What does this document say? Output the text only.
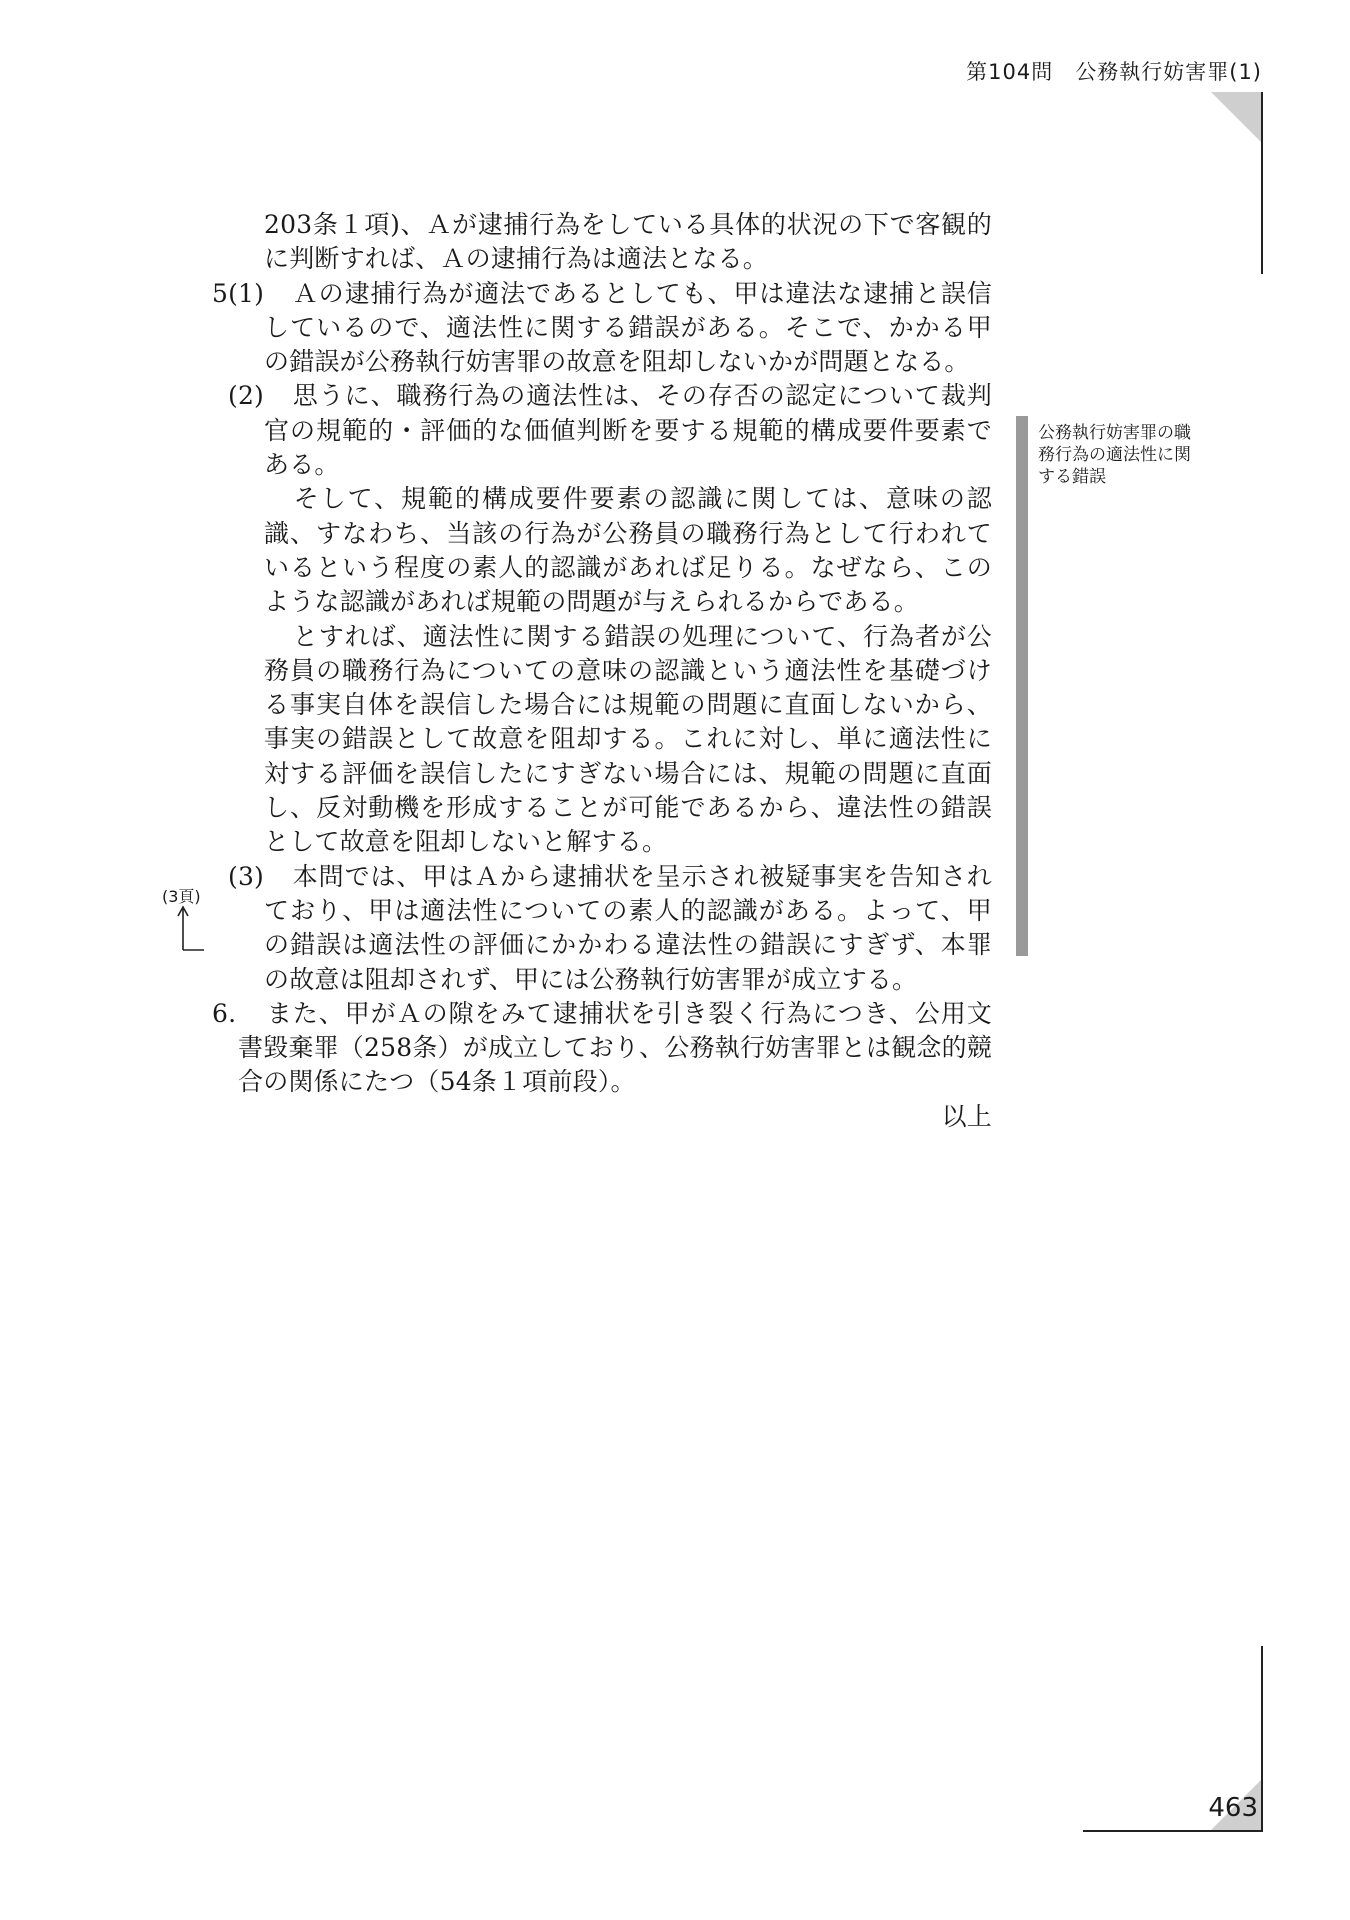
第104問 公務執行妨害罪(1)
463
公務執行妨害罪の職務行為の適法性に関する錯誤
(3頁)
203条１項)、Ａが逮捕行為をしている具体的状況の下で客観的に判断すれば、Ａの逮捕行為は適法となる。
5(1) Ａの逮捕行為が適法であるとしても、甲は違法な逮捕と誤信しているので、適法性に関する錯誤がある。そこで、かかる甲の錯誤が公務執行妨害罪の故意を阻却しないかが問題となる。
(2) 思うに、職務行為の適法性は、その存否の認定について裁判官の規範的・評価的な価値判断を要する規範的構成要件要素である。
そして、規範的構成要件要素の認識に関しては、意味の認識、すなわち、当該の行為が公務員の職務行為として行われているという程度の素人的認識があれば足りる。なぜなら、このような認識があれば規範の問題が与えられるからである。
とすれば、適法性に関する錯誤の処理について、行為者が公務員の職務行為についての意味の認識という適法性を基礎づける事実自体を誤信した場合には規範の問題に直面しないから、事実の錯誤として故意を阻却する。これに対し、単に適法性に対する評価を誤信したにすぎない場合には、規範の問題に直面し、反対動機を形成することが可能であるから、違法性の錯誤として故意を阻却しないと解する。
(3) 本問では、甲はＡから逮捕状を呈示され被疑事実を告知されており、甲は適法性についての素人的認識がある。よって、甲の錯誤は適法性の評価にかかわる違法性の錯誤にすぎず、本罪の故意は阻却されず、甲には公務執行妨害罪が成立する。
6. また、甲がＡの隙をみて逮捕状を引き裂く行為につき、公用文書毀棄罪（258条）が成立しており、公務執行妨害罪とは観念的競合の関係にたつ（54条１項前段）。
以上
